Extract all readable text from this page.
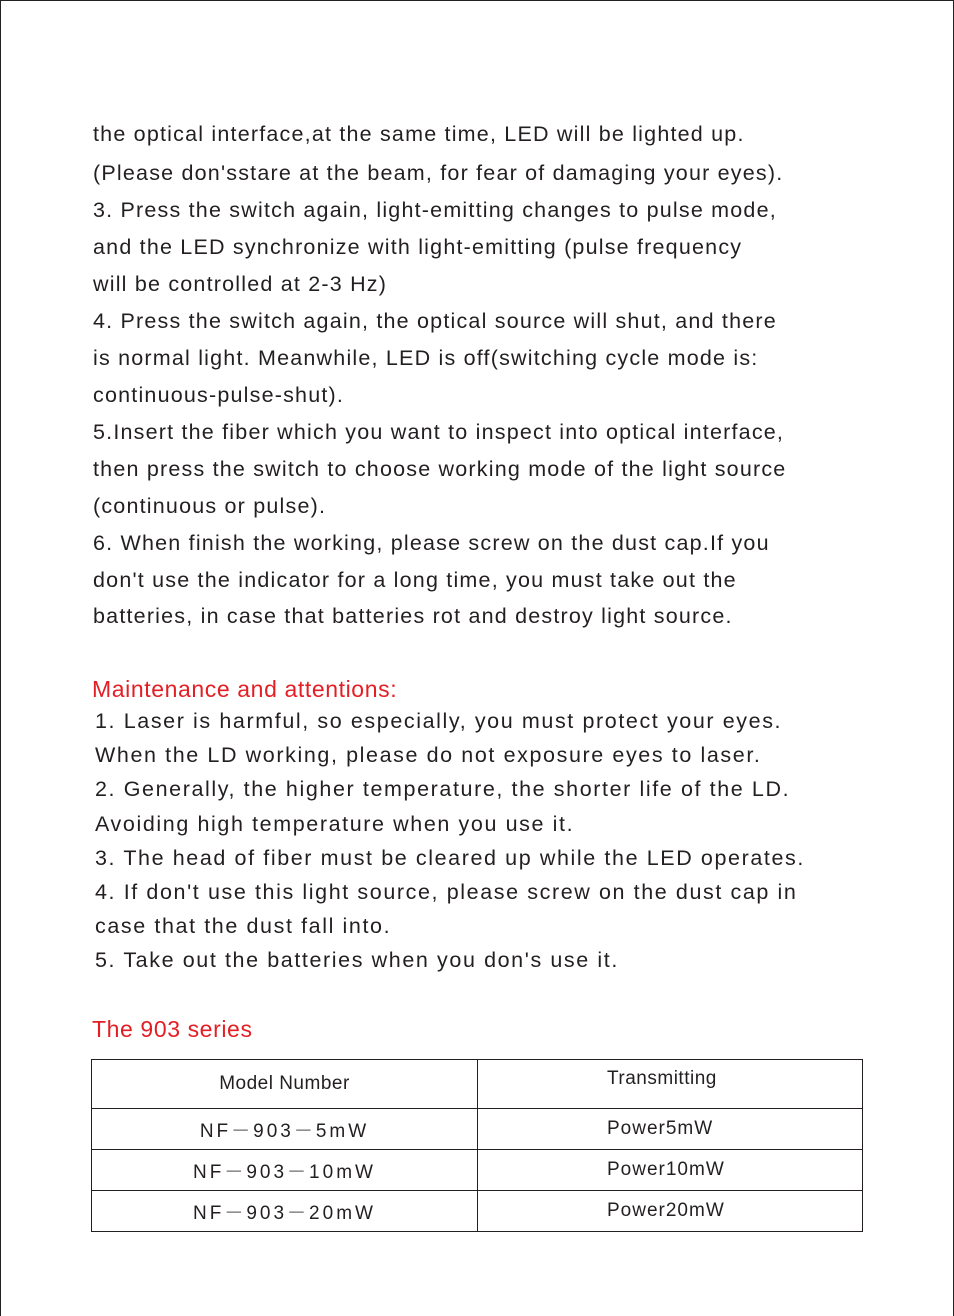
the optical interface,at the same time, LED will be lighted up.
(Please don'sstare at the beam, for fear of damaging your eyes).
3. Press the switch again, light-emitting changes to pulse mode,
and the LED synchronize with light-emitting (pulse frequency
will be controlled at 2-3 Hz)
4. Press the switch again, the optical source will shut, and there
is normal light. Meanwhile, LED is off(switching cycle mode is:
continuous-pulse-shut).
5.Insert the fiber which you want to inspect into optical interface,
then press the switch to choose working mode of the light source
(continuous or pulse).
6. When finish the working, please screw on the dust cap.If you
don't use the indicator for a long time, you must take out the
batteries, in case that batteries rot and destroy light source.
Maintenance and attentions:
1. Laser is harmful, so especially, you must protect your eyes.
When the LD working, please do not exposure eyes to laser.
2. Generally, the higher temperature, the shorter life of the LD.
Avoiding high temperature when you use it.
3. The head of fiber must be cleared up while the LED operates.
4. If don't use this light source, please screw on the dust cap in
case that the dust fall into.
5. Take out the batteries when you don's use it.
The 903 series
Model Number	Transmitting
NF－903－5mW	Power5mW
NF－903－10mW	Power10mW
NF－903－20mW	Power20mW
